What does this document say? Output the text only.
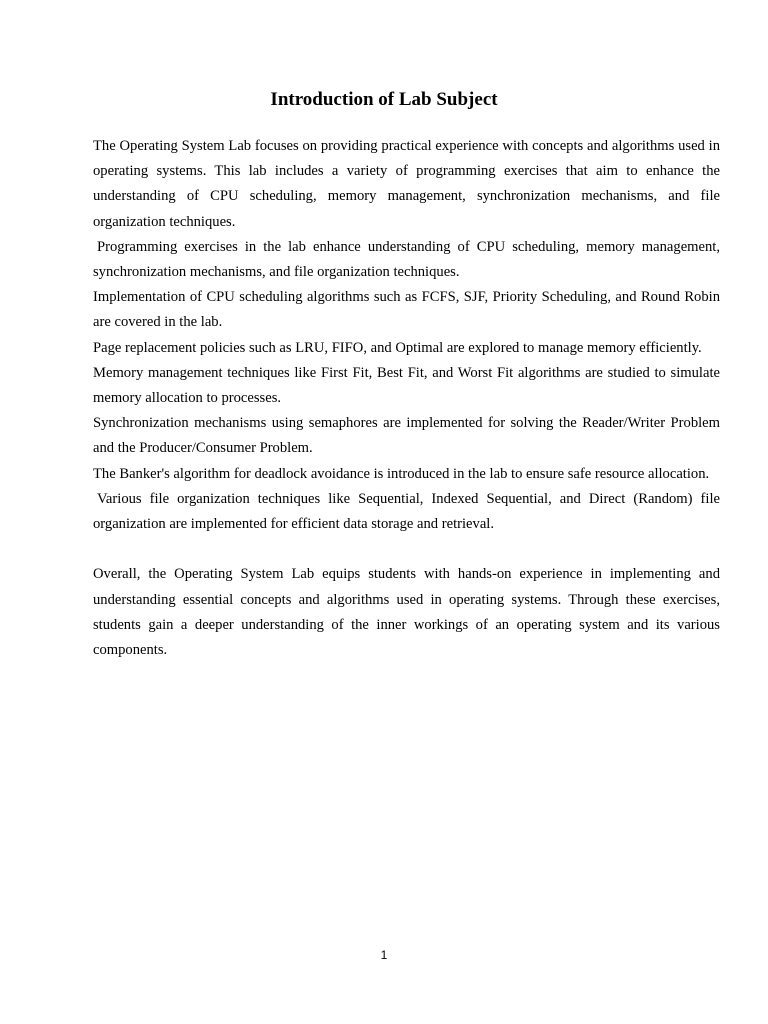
Introduction of Lab Subject

The Operating System Lab focuses on providing practical experience with concepts and algorithms used in operating systems. This lab includes a variety of programming exercises that aim to enhance the understanding of CPU scheduling, memory management, synchronization mechanisms, and file organization techniques.

Programming exercises in the lab enhance understanding of CPU scheduling, memory management, synchronization mechanisms, and file organization techniques.

Implementation of CPU scheduling algorithms such as FCFS, SJF, Priority Scheduling, and Round Robin are covered in the lab.

Page replacement policies such as LRU, FIFO, and Optimal are explored to manage memory efficiently.

Memory management techniques like First Fit, Best Fit, and Worst Fit algorithms are studied to simulate memory allocation to processes.

Synchronization mechanisms using semaphores are implemented for solving the Reader/Writer Problem and the Producer/Consumer Problem.

The Banker's algorithm for deadlock avoidance is introduced in the lab to ensure safe resource allocation.

Various file organization techniques like Sequential, Indexed Sequential, and Direct (Random) file organization are implemented for efficient data storage and retrieval.

Overall, the Operating System Lab equips students with hands-on experience in implementing and understanding essential concepts and algorithms used in operating systems. Through these exercises, students gain a deeper understanding of the inner workings of an operating system and its various components.

1
